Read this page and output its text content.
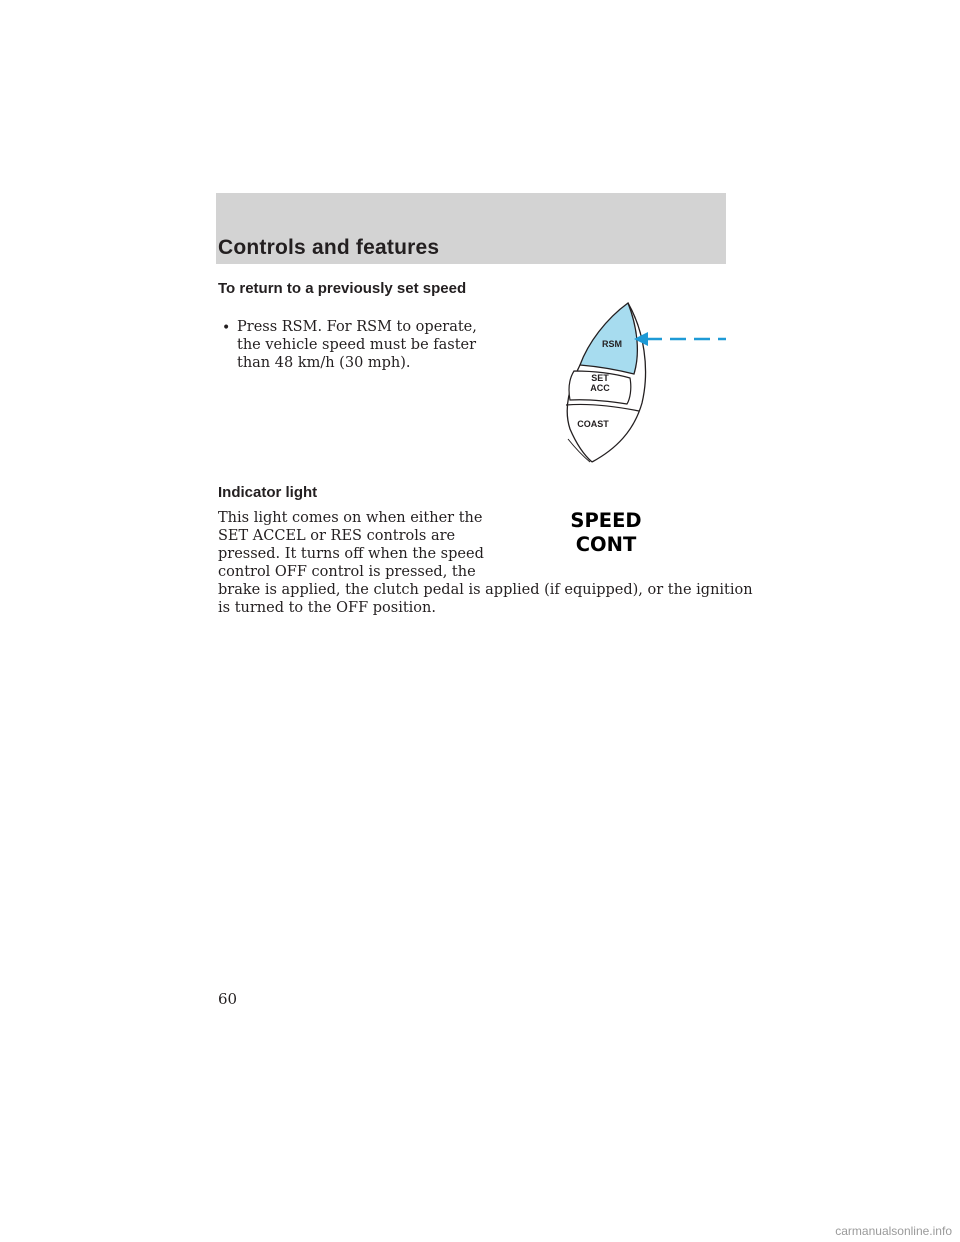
Controls and features
To return to a previously set speed
• Press RSM. For RSM to operate,
the vehicle speed must be faster
than 48 km/h (30 mph).
RSM
SET
ACC
COAST
Indicator light
This light comes on when either the
SET ACCEL or RES controls are
pressed. It turns off when the speed
control OFF control is pressed, the
brake is applied, the clutch pedal is applied (if equipped), or the ignition
is turned to the OFF position.
SPEED
CONT
60
carmanualsonline.info
